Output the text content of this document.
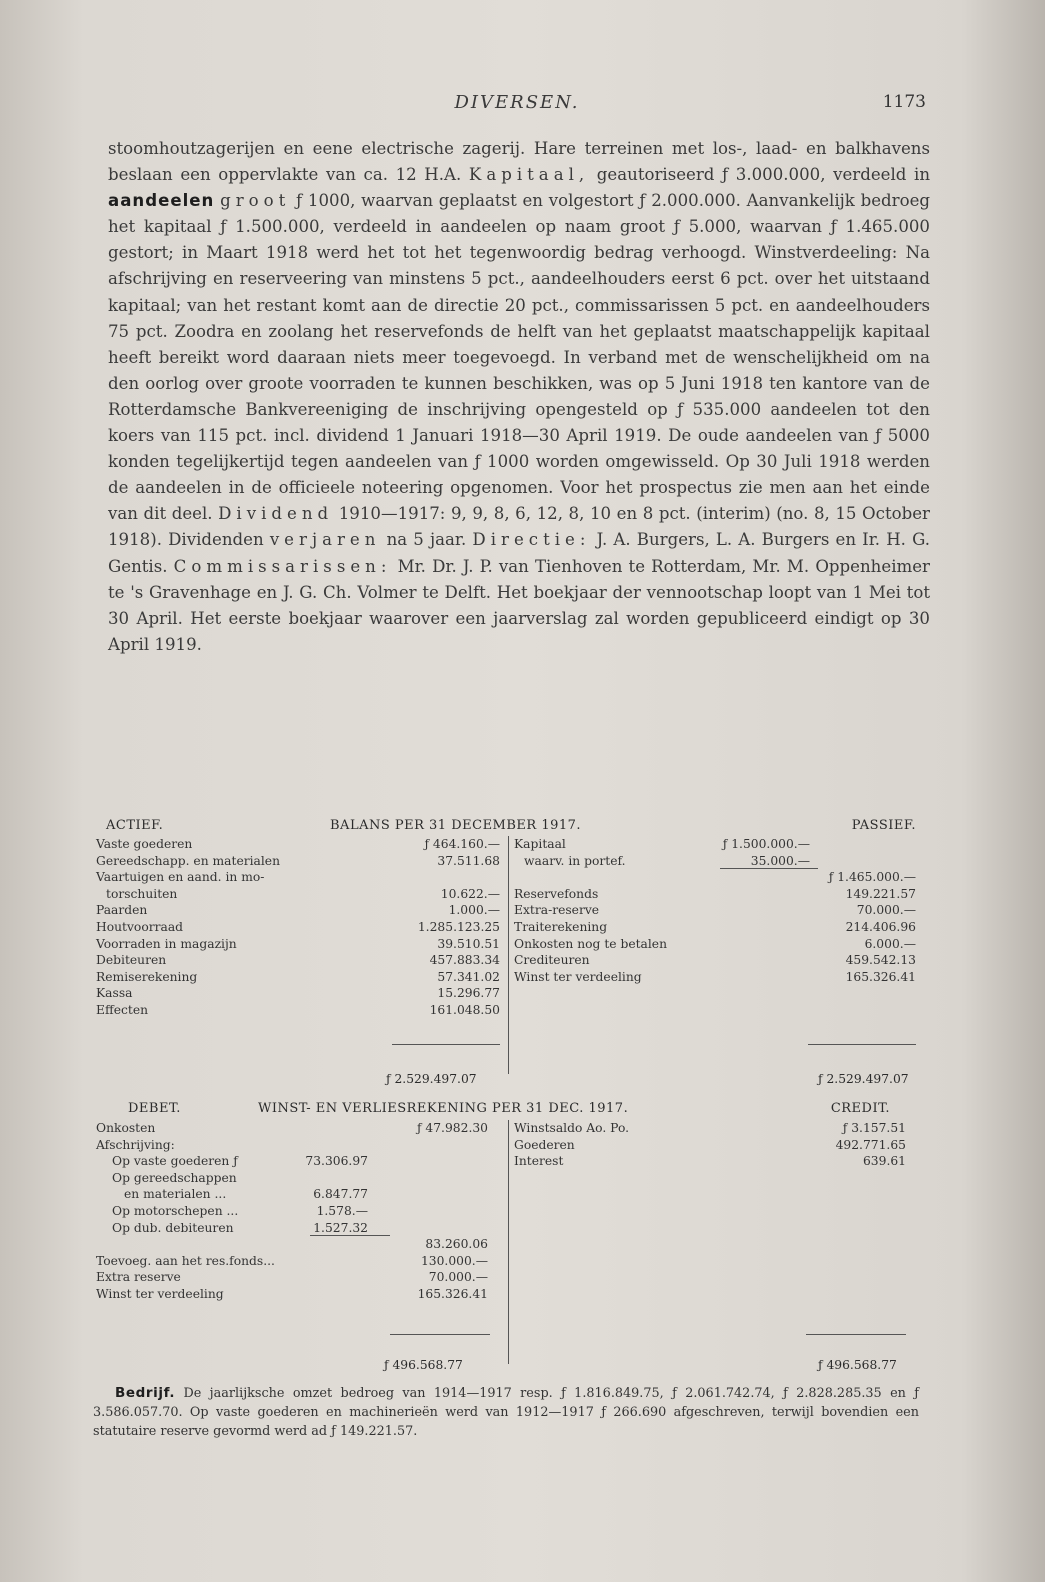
DIVERSEN.	1173
stoomhoutzagerijen en eene electrische zagerij. Hare terreinen met los-, laad- en balkhavens beslaan een oppervlakte van ca. 12 H.A. Kapitaal, geautoriseerd ƒ 3.000.000, verdeeld in aandeelen groot ƒ 1000, waarvan geplaatst en volgestort ƒ 2.000.000. Aanvankelijk bedroeg het kapitaal ƒ 1.500.000, verdeeld in aandeelen op naam groot ƒ 5.000, waarvan ƒ 1.465.000 gestort; in Maart 1918 werd het tot het tegenwoordig bedrag verhoogd. Winstverdeeling: Na afschrijving en reserveering van minstens 5 pct., aandeelhouders eerst 6 pct. over het uitstaand kapitaal; van het restant komt aan de directie 20 pct., commissarissen 5 pct. en aandeelhouders 75 pct. Zoodra en zoolang het reservefonds de helft van het geplaatst maatschappelijk kapitaal heeft bereikt word daaraan niets meer toegevoegd. In verband met de wenschelijkheid om na den oorlog over groote voorraden te kunnen beschikken, was op 5 Juni 1918 ten kantore van de Rotterdamsche Bankvereeniging de inschrijving opengesteld op ƒ 535.000 aandeelen tot den koers van 115 pct. incl. dividend 1 Januari 1918—30 April 1919. De oude aandeelen van ƒ 5000 konden tegelijkertijd tegen aandeelen van ƒ 1000 worden omgewisseld. Op 30 Juli 1918 werden de aandeelen in de officieele noteering opgenomen. Voor het prospectus zie men aan het einde van dit deel. Dividend 1910—1917: 9, 9, 8, 6, 12, 8, 10 en 8 pct. (interim) (no. 8, 15 October 1918). Dividenden verjaren na 5 jaar. Directie: J. A. Burgers, L. A. Burgers en Ir. H. G. Gentis. Commissarissen: Mr. Dr. J. P. van Tienhoven te Rotterdam, Mr. M. Oppenheimer te 's Gravenhage en J. G. Ch. Volmer te Delft. Het boekjaar der vennootschap loopt van 1 Mei tot 30 April. Het eerste boekjaar waarover een jaarverslag zal worden gepubliceerd eindigt op 30 April 1919.
ACTIEF.	BALANS PER 31 DECEMBER 1917.	PASSIEF.
Vaste goederen	ƒ 464.160.—
Gereedschapp. en materialen	37.511.68
Vaartuigen en aand. in mo-
torschuiten	10.622.—
Paarden	1.000.—
Houtvoorraad	1.285.123.25
Voorraden in magazijn	39.510.51
Debiteuren	457.883.34
Remiserekening	57.341.02
Kassa	15.296.77
Effecten	161.048.50
Kapitaal	ƒ 1.500.000.—
waarv. in portef.	35.000.—
ƒ 1.465.000.—
Reservefonds	149.221.57
Extra-reserve	70.000.—
Traiterekening	214.406.96
Onkosten nog te betalen	6.000.—
Crediteuren	459.542.13
Winst ter verdeeling	165.326.41
ƒ 2.529.497.07	ƒ 2.529.497.07
DEBET.	WINST- EN VERLIESREKENING PER 31 DEC. 1917.	CREDIT.
Onkosten	ƒ 47.982.30
Afschrijving:
Op vaste goederen ƒ	73.306.97
Op gereedschappen
en materialen ...	6.847.77
Op motorschepen ...	1.578.—
Op dub. debiteuren	1.527.32
83.260.06
Toevoeg. aan het res.fonds...	130.000.—
Extra reserve	70.000.—
Winst ter verdeeling	165.326.41
Winstsaldo Ao. Po.	ƒ 3.157.51
Goederen	492.771.65
Interest	639.61
ƒ 496.568.77	ƒ 496.568.77
Bedrijf. De jaarlijksche omzet bedroeg van 1914—1917 resp. ƒ 1.816.849.75, ƒ 2.061.742.74, ƒ 2.828.285.35 en ƒ 3.586.057.70. Op vaste goederen en machinerieën werd van 1912—1917 ƒ 266.690 afgeschreven, terwijl bovendien een statutaire reserve gevormd werd ad ƒ 149.221.57.
